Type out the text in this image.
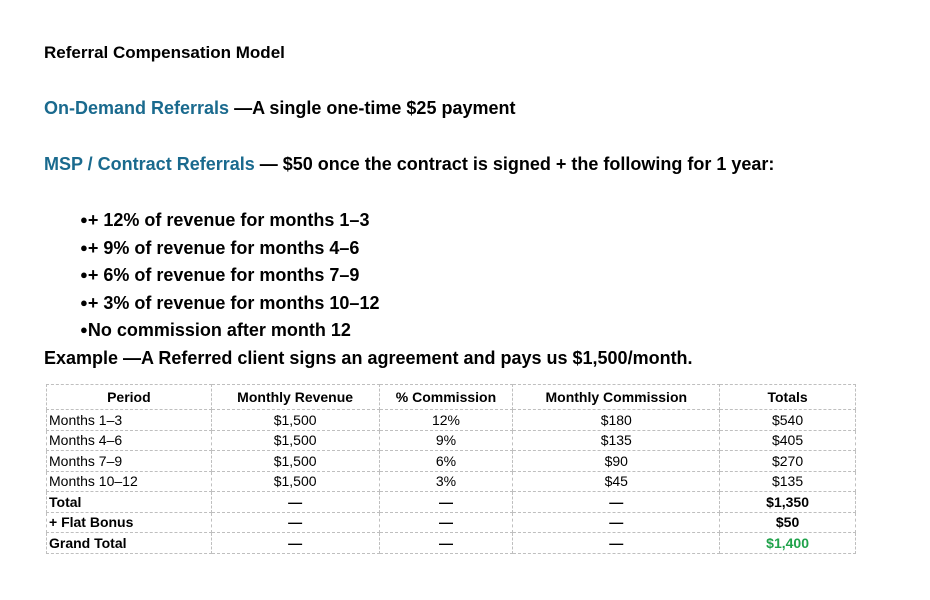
Referral Compensation Model

On-Demand Referrals —A single one-time $25 payment

MSP / Contract Referrals — $50 once the contract is signed + the following for 1 year:

●+ 12% of revenue for months 1–3
●+ 9% of revenue for months 4–6
●+ 6% of revenue for months 7–9
●+ 3% of revenue for months 10–12
●No commission after month 12

Example —A Referred client signs an agreement and pays us $1,500/month.

Period	Monthly Revenue	% Commission	Monthly Commission	Totals
Months 1–3	$1,500	12%	$180	$540
Months 4–6	$1,500	9%	$135	$405
Months 7–9	$1,500	6%	$90	$270
Months 10–12	$1,500	3%	$45	$135
Total	—	—	—	$1,350
+ Flat Bonus	—	—	—	$50
Grand Total	—	—	—	$1,400
